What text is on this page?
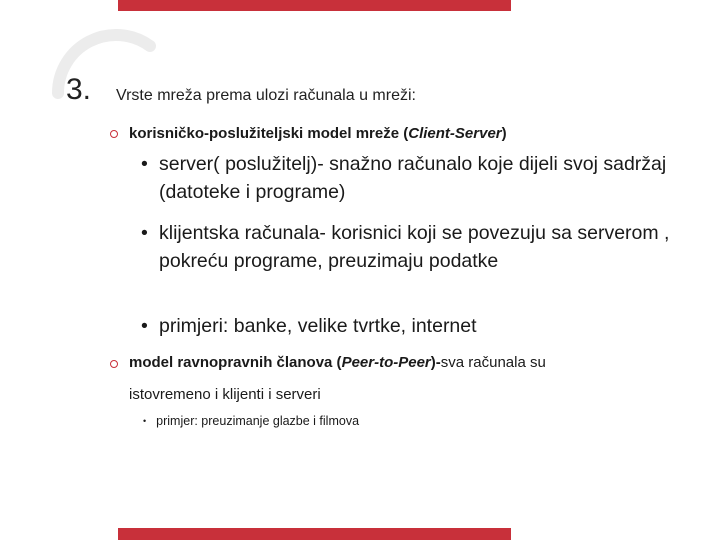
3. Vrste mreža prema ulozi računala u mreži:
korisničko-poslužiteljski model mreže (Client-Server)
• server( poslužitelj)- snažno računalo koje dijeli svoj sadržaj (datoteke i programe)
• klijentska računala- korisnici koji se povezuju sa serverom , pokreću programe, preuzimaju podatke
• primjeri: banke, velike tvrtke, internet
model ravnopravnih članova (Peer-to-Peer)-sva računala su
istovremeno i klijenti i serveri
• primjer: preuzimanje glazbe i filmova
